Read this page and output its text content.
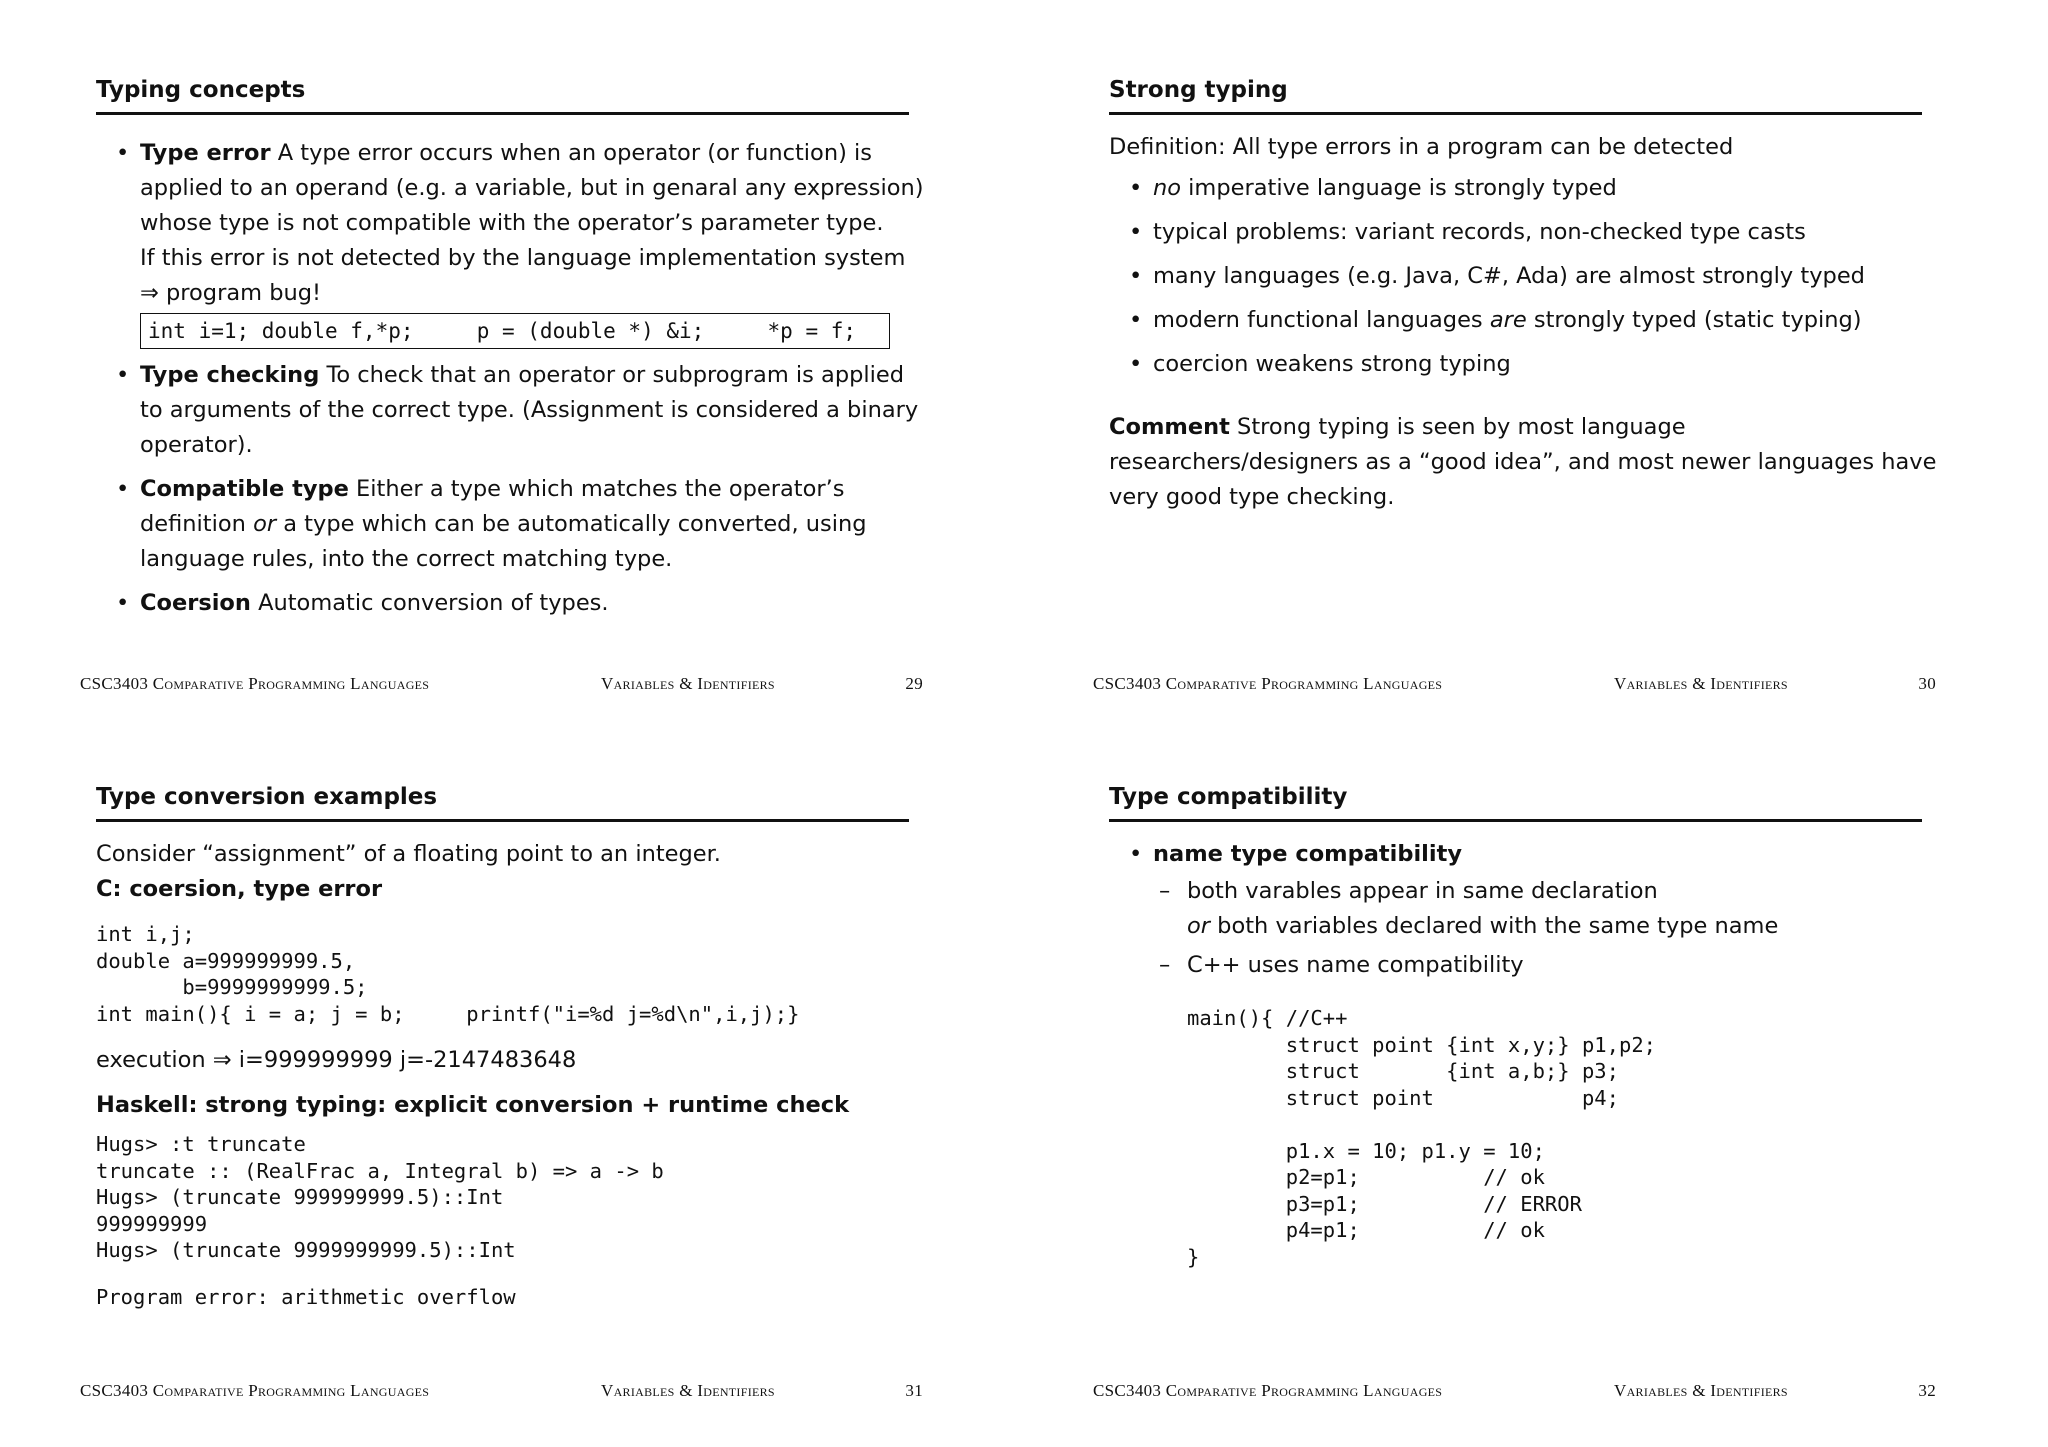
Typing concepts
• Type error A type error occurs when an operator (or function) is applied to an operand (e.g. a variable, but in genaral any expression) whose type is not compatible with the operator’s parameter type.
If this error is not detected by the language implementation system ⇒ program bug!
int i=1; double f,*p;     p = (double *) &i;     *p = f;
• Type checking To check that an operator or subprogram is applied to arguments of the correct type. (Assignment is considered a binary operator).
• Compatible type Either a type which matches the operator’s definition or a type which can be automatically converted, using language rules, into the correct matching type.
• Coersion Automatic conversion of types.
CSC3403 Comparative Programming Languages	Variables & Identifiers	29
Strong typing
Definition: All type errors in a program can be detected
• no imperative language is strongly typed
• typical problems: variant records, non-checked type casts
• many languages (e.g. Java, C#, Ada) are almost strongly typed
• modern functional languages are strongly typed (static typing)
• coercion weakens strong typing
Comment Strong typing is seen by most language researchers/designers as a “good idea”, and most newer languages have very good type checking.
CSC3403 Comparative Programming Languages	Variables & Identifiers	30
Type conversion examples
Consider “assignment” of a floating point to an integer.
C: coersion, type error
int i,j;
double a=999999999.5,
b=9999999999.5;
int main(){ i = a; j = b;     printf("i=%d j=%d\n",i,j);}
execution ⇒ i=999999999 j=-2147483648
Haskell: strong typing: explicit conversion + runtime check
Hugs> :t truncate
truncate :: (RealFrac a, Integral b) => a -> b
Hugs> (truncate 999999999.5)::Int
999999999
Hugs> (truncate 9999999999.5)::Int
Program error: arithmetic overflow
CSC3403 Comparative Programming Languages	Variables & Identifiers	31
Type compatibility
• name type compatibility
– both varables appear in same declaration
or both variables declared with the same type name
– C++ uses name compatibility
main(){ //C++
struct point {int x,y;} p1,p2;
struct       {int a,b;} p3;
struct point            p4;

p1.x = 10; p1.y = 10;
p2=p1;          // ok
p3=p1;          // ERROR
p4=p1;          // ok
}
CSC3403 Comparative Programming Languages	Variables & Identifiers	32
